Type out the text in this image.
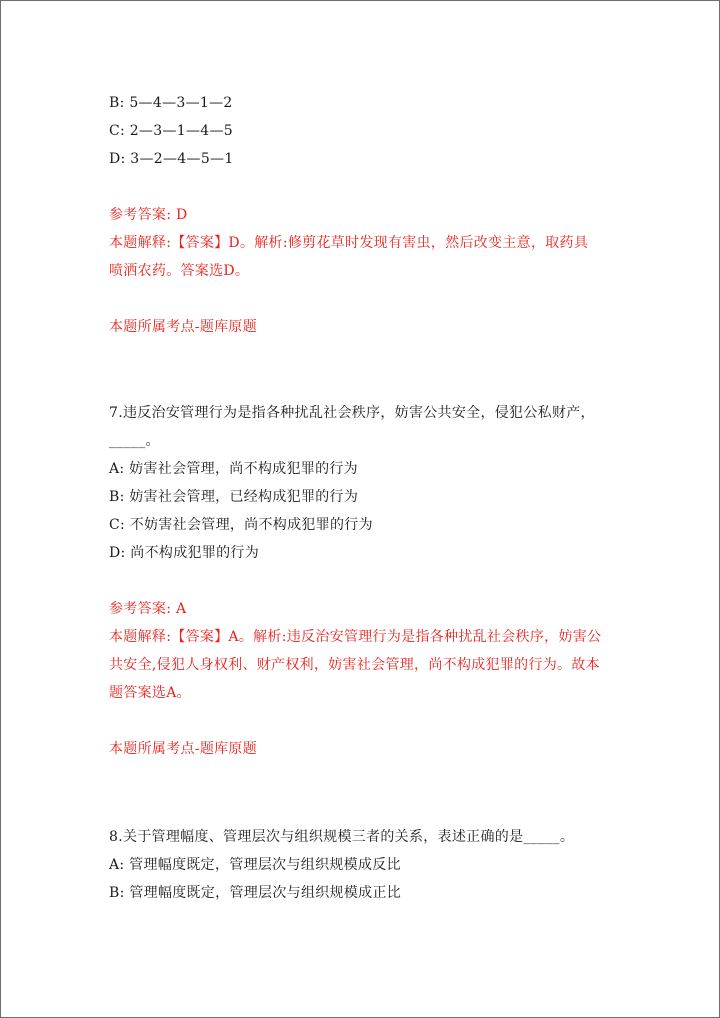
B: 5—4—3—1—2
C: 2—3—1—4—5
D: 3—2—4—5—1
参考答案: D
本题解释:【答案】D。解析:修剪花草时发现有害虫，然后改变主意，取药具
喷洒农药。答案选D。
本题所属考点-题库原题
7.违反治安管理行为是指各种扰乱社会秩序，妨害公共安全，侵犯公私财产，
_____。
A: 妨害社会管理，尚不构成犯罪的行为
B: 妨害社会管理，已经构成犯罪的行为
C: 不妨害社会管理，尚不构成犯罪的行为
D: 尚不构成犯罪的行为
参考答案: A
本题解释:【答案】A。解析:违反治安管理行为是指各种扰乱社会秩序，妨害公
共安全,侵犯人身权利、财产权利，妨害社会管理，尚不构成犯罪的行为。故本
题答案选A。
本题所属考点-题库原题
8.关于管理幅度、管理层次与组织规模三者的关系，表述正确的是_____。
A: 管理幅度既定，管理层次与组织规模成反比
B: 管理幅度既定，管理层次与组织规模成正比
